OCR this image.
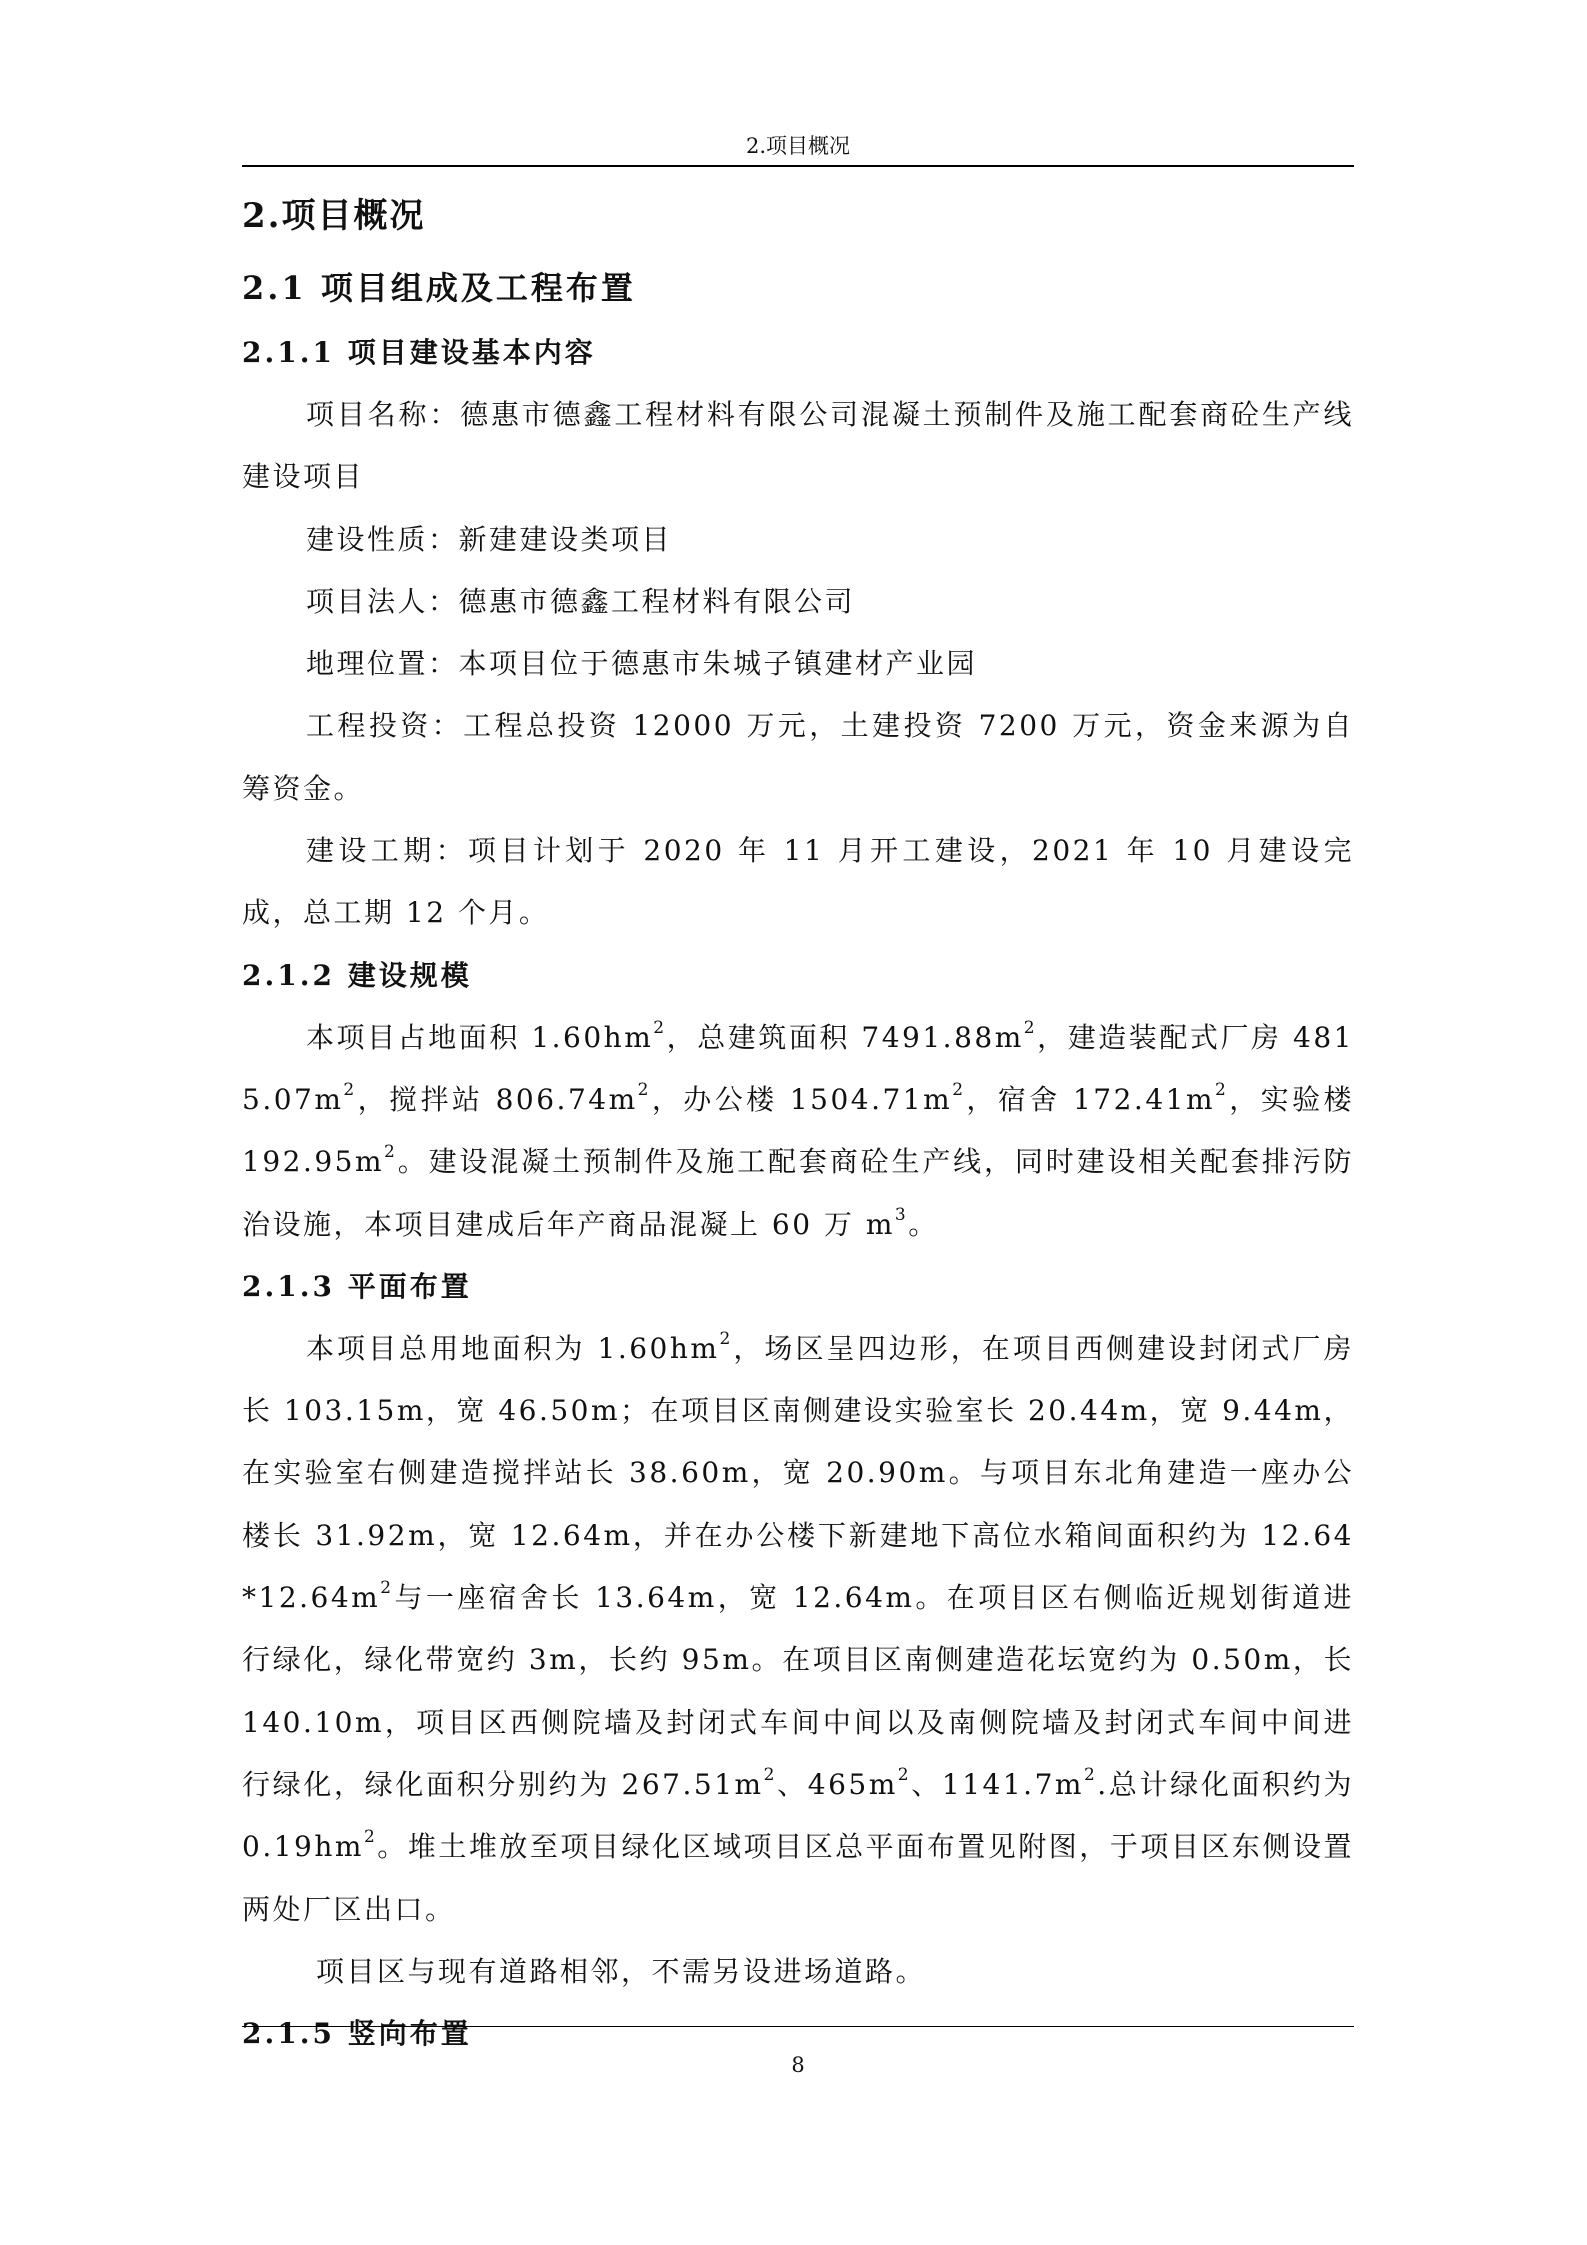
2.项目概况
2.项目概况
2.1 项目组成及工程布置
2.1.1 项目建设基本内容

项目名称：德惠市德鑫工程材料有限公司混凝土预制件及施工配套商砼生产线建设项目

建设性质：新建建设类项目

项目法人：德惠市德鑫工程材料有限公司

地理位置：本项目位于德惠市朱城子镇建材产业园

工程投资：工程总投资 12000 万元，土建投资 7200 万元，资金来源为自筹资金。

建设工期：项目计划于 2020 年 11 月开工建设，2021 年 10 月建设完成，总工期 12 个月。

2.1.2 建设规模

本项目占地面积 $1.60hm^2$，总建筑面积 $7491.88m^2$，建造装配式厂房 $4815.07m^2$，搅拌站 $806.74m^2$，办公楼 $1504.71m^2$，宿舍 $172.41m^2$，实验楼 $192.95m^2$。建设混凝土预制件及施工配套商砼生产线，同时建设相关配套排污防治设施，本项目建成后年产商品混凝上 60 万 $m^3$。

2.1.3 平面布置

本项目总用地面积为 $1.60hm^2$，场区呈四边形，在项目西侧建设封闭式厂房长 103.15m，宽 46.50m；在项目区南侧建设实验室长 20.44m，宽 9.44m，在实验室右侧建造搅拌站长 38.60m，宽 20.90m。与项目东北角建造一座办公楼长 31.92m，宽 12.64m，并在办公楼下新建地下高位水箱间面积约为 $12.64*12.64m^2$与一座宿舍长 13.64m，宽 12.64m。在项目区右侧临近规划街道进行绿化，绿化带宽约 3m，长约 95m。在项目区南侧建造花坛宽约为 0.50m，长 140.10m，项目区西侧院墙及封闭式车间中间以及南侧院墙及封闭式车间中间进行绿化，绿化面积分别约为 $267.51m^2$、$465m^2$、$1141.7m^2$.总计绿化面积约为 $0.19hm^2$。堆土堆放至项目绿化区域项目区总平面布置见附图，于项目区东侧设置两处厂区出口。

项目区与现有道路相邻，不需另设进场道路。

2.1.5 竖向布置
8
